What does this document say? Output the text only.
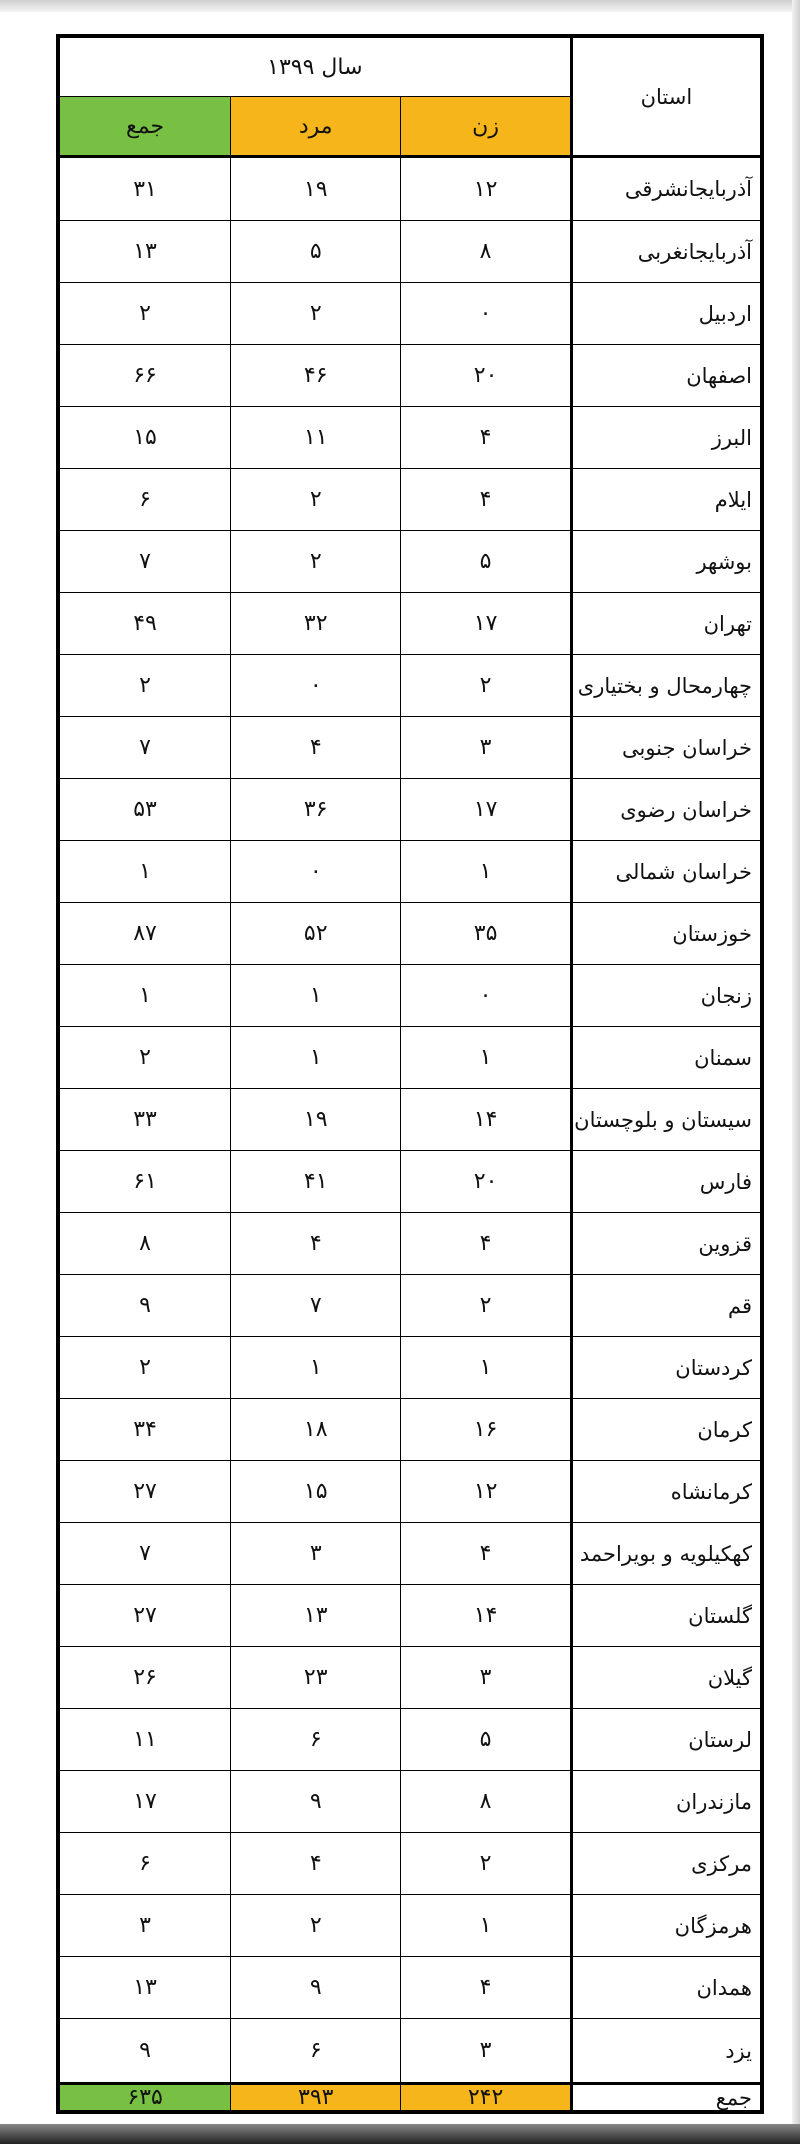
استان	سال ۱۳۹۹		
	زن	مرد	جمع
آذربایجانشرقی	۱۲	۱۹	۳۱
آذربایجانغربی	۸	۵	۱۳
اردبیل	۰	۲	۲
اصفهان	۲۰	۴۶	۶۶
البرز	۴	۱۱	۱۵
ایلام	۴	۲	۶
بوشهر	۵	۲	۷
تهران	۱۷	۳۲	۴۹
چهارمحال و بختیاری	۲	۰	۲
خراسان جنوبی	۳	۴	۷
خراسان رضوی	۱۷	۳۶	۵۳
خراسان شمالی	۱	۰	۱
خوزستان	۳۵	۵۲	۸۷
زنجان	۰	۱	۱
سمنان	۱	۱	۲
سیستان و بلوچستان	۱۴	۱۹	۳۳
فارس	۲۰	۴۱	۶۱
قزوین	۴	۴	۸
قم	۲	۷	۹
کردستان	۱	۱	۲
کرمان	۱۶	۱۸	۳۴
کرمانشاه	۱۲	۱۵	۲۷
کهکیلویه و بویراحمد	۴	۳	۷
گلستان	۱۴	۱۳	۲۷
گیلان	۳	۲۳	۲۶
لرستان	۵	۶	۱۱
مازندران	۸	۹	۱۷
مرکزی	۲	۴	۶
هرمزگان	۱	۲	۳
همدان	۴	۹	۱۳
یزد	۳	۶	۹
جمع	۲۴۲	۳۹۳	۶۳۵
